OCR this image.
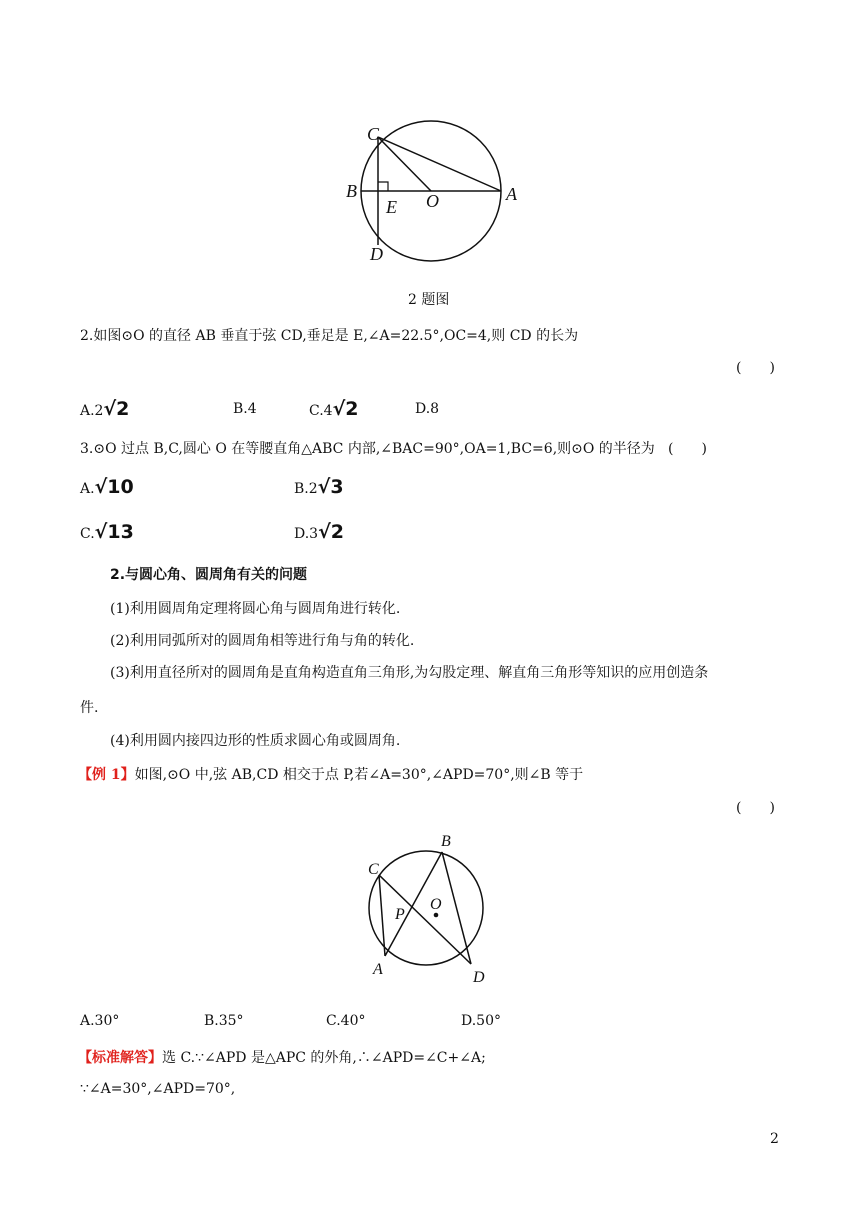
C
B
E O	A
D
2 题图
2.如图⊙O 的直径 AB 垂直于弦 CD,垂足是 E,∠A=22.5°,OC=4,则 CD 的长为
(　　)
A.2√2	B.4	C.4√2	D.8
3.⊙O 过点 B,C,圆心 O 在等腰直角△ABC 内部,∠BAC=90°,OA=1,BC=6,则⊙O 的半径为 (　　)
A.√10	B.2√3
C.√13	D.3√2
2.与圆心角、圆周角有关的问题
(1)利用圆周角定理将圆心角与圆周角进行转化.
(2)利用同弧所对的圆周角相等进行角与角的转化.
(3)利用直径所对的圆周角是直角构造直角三角形,为勾股定理、解直角三角形等知识的应用创造条
件.
(4)利用圆内接四边形的性质求圆心角或圆周角.
【例 1】如图,⊙O 中,弦 AB,CD 相交于点 P,若∠A=30°,∠APD=70°,则∠B 等于
(　　)
B
C
P
O
A	D
A.30°	B.35°	C.40°	D.50°
【标准解答】选 C.∵∠APD 是△APC 的外角,∴∠APD=∠C+∠A;
∵∠A=30°,∠APD=70°,
2
